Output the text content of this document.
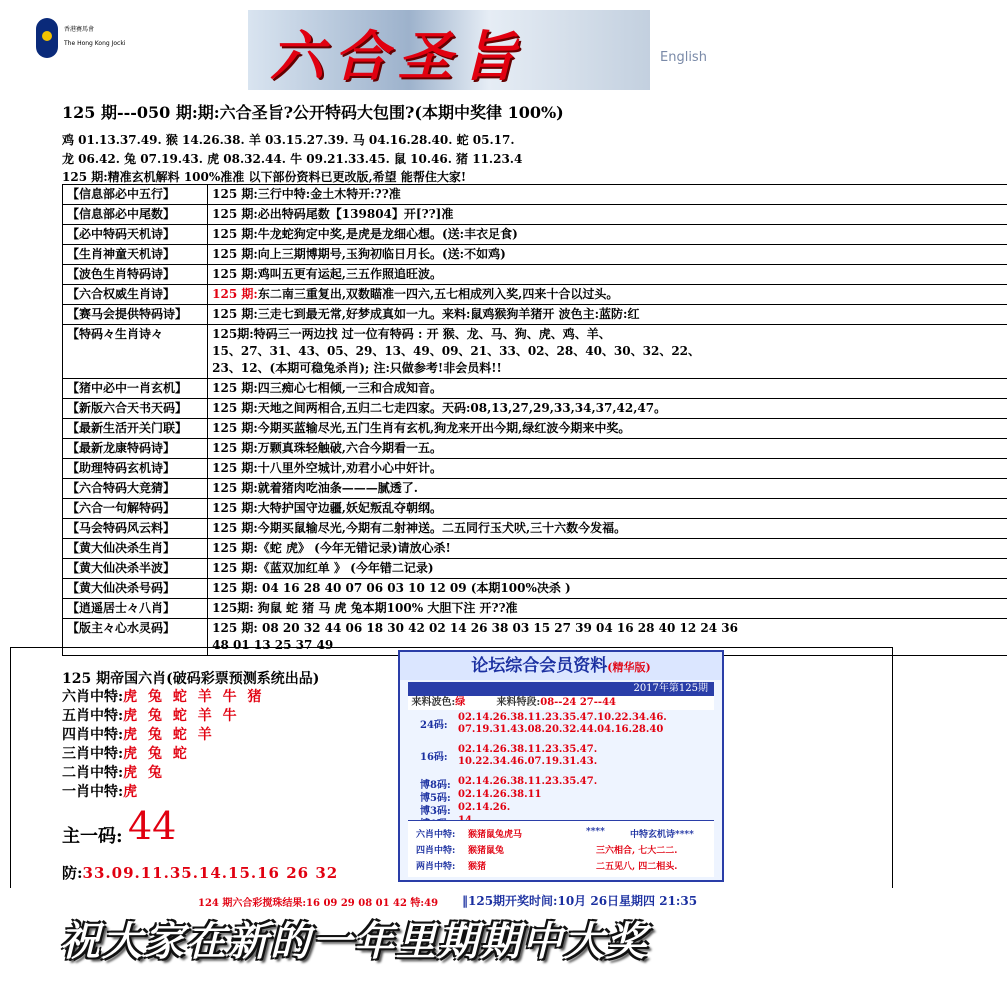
香港賽馬會
The Hong Kong Jocki	六合圣旨	English
125 期---050 期:期:六合圣旨?公开特码大包围?(本期中奖律 100%)
鸡 01.13.37.49. 猴 14.26.38. 羊 03.15.27.39. 马 04.16.28.40. 蛇 05.17.
龙 06.42. 兔 07.19.43. 虎 08.32.44. 牛 09.21.33.45. 鼠 10.46. 猪 11.23.4
125 期:精准玄机解料 100%准准 以下部份资料已更改版,希望 能帮住大家!
【信息部必中五行】	125 期:三行中特:金土木特开:??准

【信息部必中尾数】	125 期:必出特码尾数【139804】开[??]准

【必中特码天机诗】	125 期:牛龙蛇狗定中奖,是虎是龙细心想。(送:丰衣足食)

【生肖神童天机诗】	125 期:向上三期博期号,玉狗初临日月长。(送:不如鸡)

【波色生肖特码诗】	125 期:鸡叫五更有运起,三五作照追旺波。

【六合权威生肖诗】	125 期:东二南三重复出,双数瞄准一四六,五七相成列入奖,四来十合以过头。

【赛马会提供特码诗】	125 期:三走七到最无常,好梦成真如一九。来料:鼠鸡猴狗羊猪开 波色主:蓝防:红

【特码々生肖诗々	125期:特码三一两边找 过一位有特码 : 开 猴、龙、马、狗、虎、鸡、羊、
15、27、31、43、05、29、13、49、09、21、33、02、28、40、30、32、22、
23、12、(本期可稳兔杀肖); 注:只做参考!非会员料!!

【猪中必中一肖玄机】	125 期:四三痴心七相倾,一三和合成知音。

【新版六合天书天码】	125 期:天地之间两相合,五归二七走四家。天码:08,13,27,29,33,34,37,42,47。

【最新生活开关门联】	125 期:今期买蓝输尽光,五门生肖有玄机,狗龙来开出今期,绿红波今期来中奖。

【最新龙康特码诗】	125 期:万颗真珠轻触破,六合今期看一五。

【助理特码玄机诗】	125 期:十八里外空城计,劝君小心中奸计。

【六合特码大竞猜】	125 期:就着猪肉吃油条———腻透了.

【六合一句解特码】	125 期:大特护国守边疆,妖妃叛乱夺朝纲。

【马会特码风云料】	125 期:今期买鼠输尽光,今期有二射神送。二五同行玉犬吠,三十六数今发福。

【黄大仙决杀生肖】	125 期:《蛇 虎》 (今年无错记录)请放心杀!

【黄大仙决杀半波】	125 期:《蓝双加红单 》 (今年错二记录)

【黄大仙决杀号码】	125 期: 04 16 28 40 07 06 03 10 12 09 (本期100%决杀 )

【逍遥居士々八肖】	125期: 狗鼠 蛇 猪 马 虎 兔本期100% 大胆下注 开??准

【版主々心水灵码】	125 期: 08 20 32 44 06 18 30 42 02 14 26 38 03 15 27 39 04 16 28 40 12 24 36
48 01 13 25 37 49
125 期帝国六肖(破码彩票预测系统出品)
六肖中特:虎 兔 蛇 羊 牛 猪
五肖中特:虎 兔 蛇 羊 牛
四肖中特:虎 兔 蛇 羊
三肖中特:虎 兔 蛇
二肖中特:虎 兔
一肖中特:虎
主一码: 44
防:33.09.11.35.14.15.16 26 32
论坛综合会员资料(精华版)
2017年第125期
来料波色:绿	来料特段:08--24 27--44
24码:
02.14.26.38.11.23.35.47.10.22.34.46.
07.19.31.43.08.20.32.44.04.16.28.40
16码:
02.14.26.38.11.23.35.47.
10.22.34.46.07.19.31.43.
博8码: 02.14.26.38.11.23.35.47.
博5码: 02.14.26.38.11
博3码: 02.14.26.
六肖中特: 猴猪鼠兔虎马	****	中特玄机诗****
四肖中特: 猴猪鼠兔	三六相合, 七大二二.
两肖中特: 猴猪	二五见八, 四二相头.
124 期六合彩搅珠结果:16 09 29 08 01 42 特:49 ‖125期开奖时间:10月 26日星期四 21:35
祝大家在新的一年里期期中大奖
